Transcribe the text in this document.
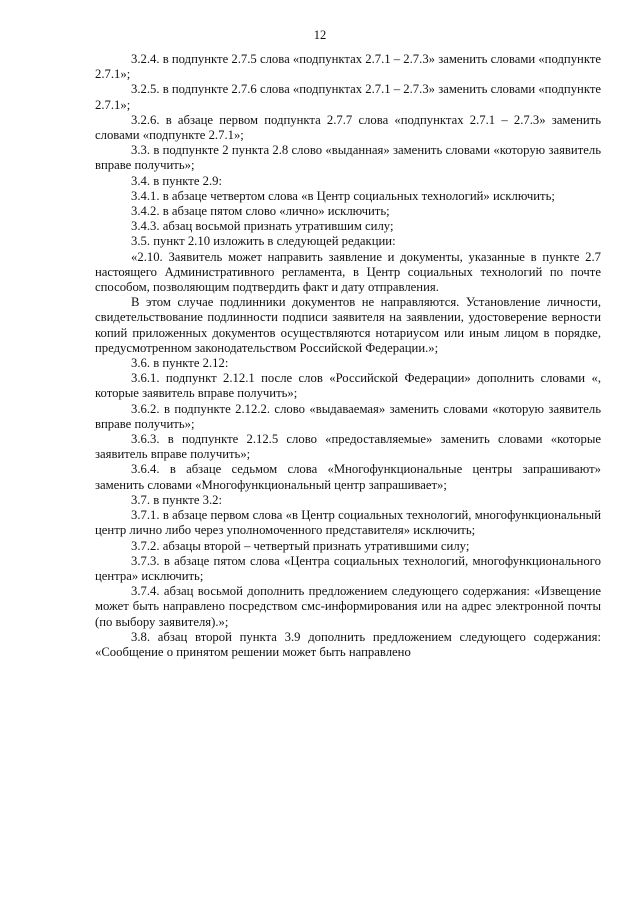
12

3.2.4. в подпункте 2.7.5 слова «подпунктах 2.7.1 – 2.7.3» заменить словами «подпункте 2.7.1»;

3.2.5. в подпункте 2.7.6 слова «подпунктах 2.7.1 – 2.7.3» заменить словами «подпункте 2.7.1»;

3.2.6. в абзаце первом подпункта 2.7.7 слова «подпунктах 2.7.1 – 2.7.3» заменить словами «подпункте 2.7.1»;

3.3. в подпункте 2 пункта 2.8 слово «выданная» заменить словами «которую заявитель вправе получить»;

3.4. в пункте 2.9:

3.4.1. в абзаце четвертом слова «в Центр социальных технологий» исключить;

3.4.2. в абзаце пятом слово «лично» исключить;

3.4.3. абзац восьмой признать утратившим силу;

3.5. пункт 2.10 изложить в следующей редакции:

«2.10. Заявитель может направить заявление и документы, указанные в пункте 2.7 настоящего Административного регламента, в Центр социальных технологий по почте способом, позволяющим подтвердить факт и дату отправления.

В этом случае подлинники документов не направляются. Установление личности, свидетельствование подлинности подписи заявителя на заявлении, удостоверение верности копий приложенных документов осуществляются нотариусом или иным лицом в порядке, предусмотренном законодательством Российской Федерации.»;

3.6. в пункте 2.12:

3.6.1. подпункт 2.12.1 после слов «Российской Федерации» дополнить словами «, которые заявитель вправе получить»;

3.6.2. в подпункте 2.12.2. слово «выдаваемая» заменить словами «которую заявитель вправе получить»;

3.6.3. в подпункте 2.12.5 слово «предоставляемые» заменить словами «которые заявитель вправе получить»;

3.6.4. в абзаце седьмом слова «Многофункциональные центры запрашивают» заменить словами «Многофункциональный центр запрашивает»;

3.7. в пункте 3.2:

3.7.1. в абзаце первом слова «в Центр социальных технологий, многофункциональный центр лично либо через уполномоченного представителя» исключить;

3.7.2. абзацы второй – четвертый признать утратившими силу;

3.7.3. в абзаце пятом слова «Центра социальных технологий, многофункционального центра» исключить;

3.7.4. абзац восьмой дополнить предложением следующего содержания: «Извещение может быть направлено посредством смс-информирования или на адрес электронной почты (по выбору заявителя).»;

3.8. абзац второй пункта 3.9 дополнить предложением следующего содержания: «Сообщение о принятом решении может быть направлено
